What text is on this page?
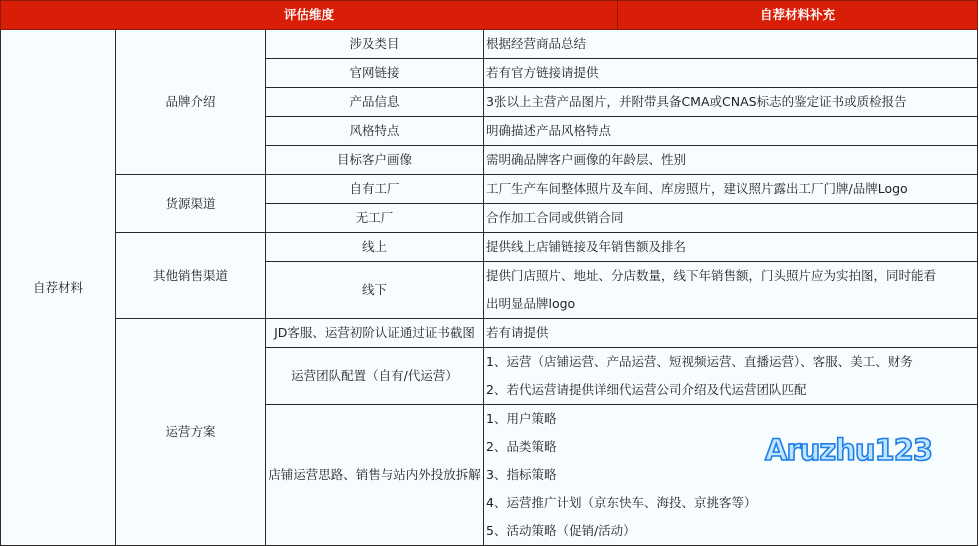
评估维度				自荐材料补充
自荐材料	品牌介绍	涉及类目	根据经营商品总结	

		官网链接	若有官方链接请提供	

		产品信息	3张以上主营产品图片，并附带具备CMA或CNAS标志的鉴定证书或质检报告	

		风格特点	明确描述产品风格特点	

		目标客户画像	需明确品牌客户画像的年龄层、性别	

	货源渠道	自有工厂	工厂生产车间整体照片及车间、库房照片，建议照片露出工厂门牌/品牌Logo	

		无工厂	合作加工合同或供销合同	

	其他销售渠道	线上	提供线上店铺链接及年销售额及排名	

		线下	提供门店照片、地址、分店数量，线下年销售额，门头照片应为实拍图，同时能看
出明显品牌logo	

	运营方案	JD客服、运营初阶认证通过证书截图	若有请提供	

		运营团队配置（自有/代运营）	1、运营（店铺运营、产品运营、短视频运营、直播运营）、客服、美工、财务
2、若代运营请提供详细代运营公司介绍及代运营团队匹配	

		店铺运营思路、销售与站内外投放拆解	1、用户策略
2、品类策略
3、指标策略
4、运营推广计划（京东快车、海投、京挑客等）
5、活动策略（促销/活动）	
Aruzhu123
